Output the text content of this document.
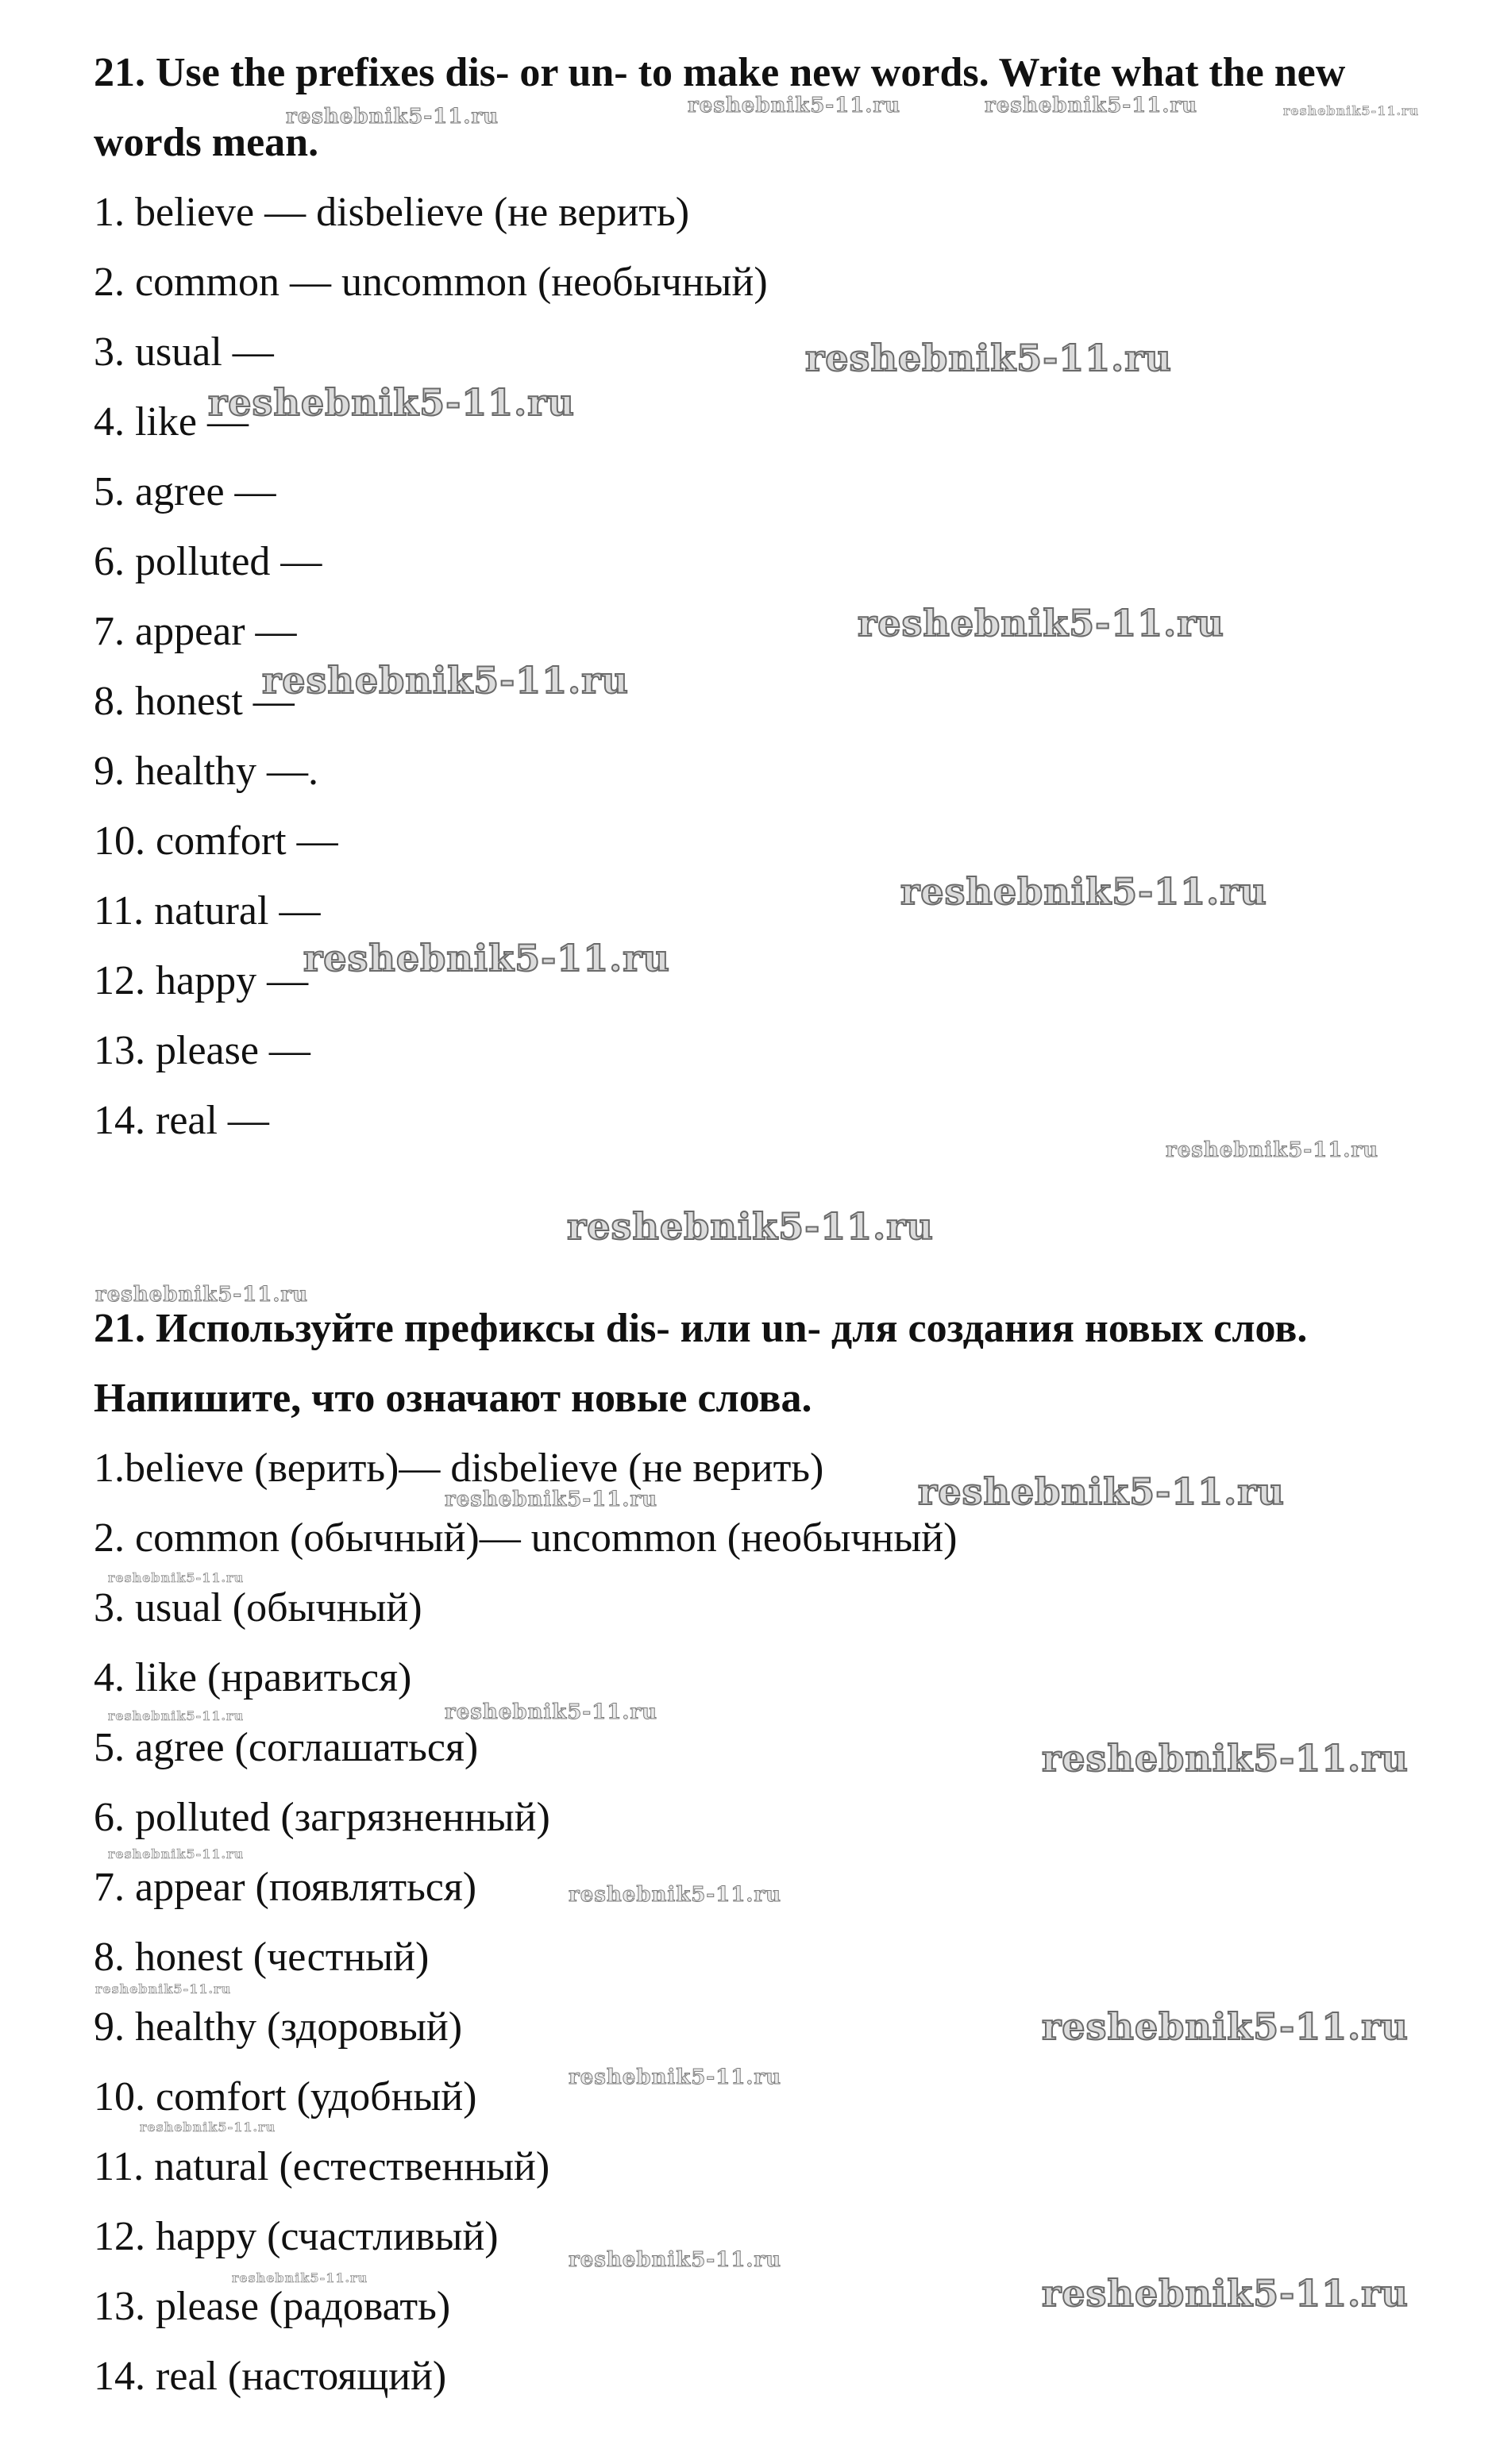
21. Use the prefixes dis- or un- to make new words. Write what the new words mean.
1. believe — disbelieve (не верить)
2. common — uncommon (необычный)
3. usual —
4. like —
5. agree —
6. polluted —
7. appear —
8. honest —
9. healthy —.
10. comfort —
11. natural —
12. happy —
13. please —
14. real —
21. Используйте префиксы dis- или un- для создания новых слов. Напишите, что означают новые слова.
1.believe (верить)— disbelieve (не верить)
2. common (обычный)— uncommon (необычный)
3. usual (обычный)
4. like (нравиться)
5. agree (соглашаться)
6. polluted (загрязненный)
7. appear (появляться)
8. honest (честный)
9. healthy (здоровый)
10. comfort (удобный)
11. natural (естественный)
12. happy (счастливый)
13. please (радовать)
14. real (настоящий)
reshebnik5-11.ru	reshebnik5-11.ru	reshebnik5-11.ru	reshebnik5-11.ru
reshebnik5-11.ru
reshebnik5-11.ru
reshebnik5-11.ru
reshebnik5-11.ru
reshebnik5-11.ru
reshebnik5-11.ru
reshebnik5-11.ru
reshebnik5-11.ru
reshebnik5-11.ru
reshebnik5-11.ru	reshebnik5-11.ru
reshebnik5-11.ru
reshebnik5-11.ru	reshebnik5-11.ru
reshebnik5-11.ru
reshebnik5-11.ru
reshebnik5-11.ru
reshebnik5-11.ru
reshebnik5-11.ru
reshebnik5-11.ru
reshebnik5-11.ru
reshebnik5-11.ru
reshebnik5-11.ru	reshebnik5-11.ru
